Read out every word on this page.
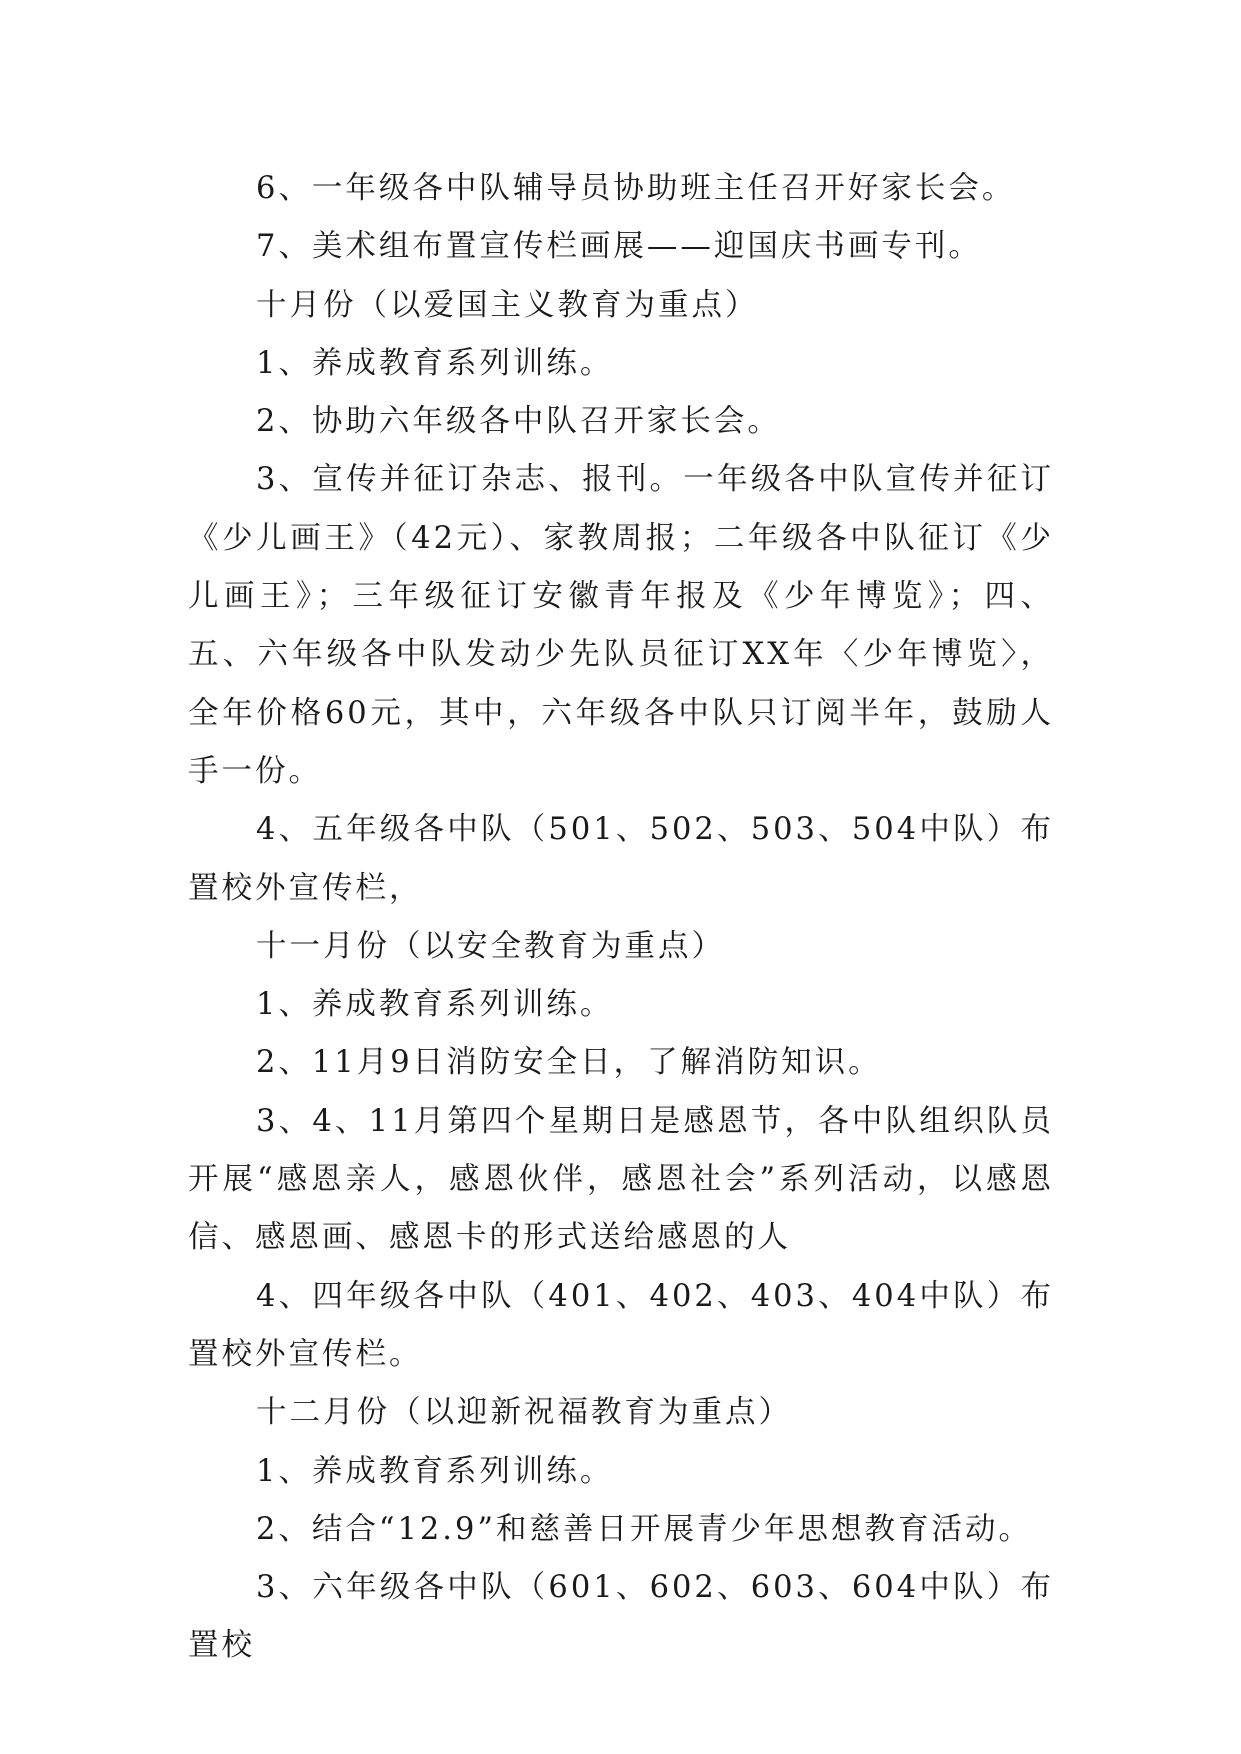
6、一年级各中队辅导员协助班主任召开好家长会。

7、美术组布置宣传栏画展——迎国庆书画专刊。

十月份（以爱国主义教育为重点）

1、养成教育系列训练。

2、协助六年级各中队召开家长会。

3、宣传并征订杂志、报刊。一年级各中队宣传并征订《少儿画王》（42元）、家教周报；二年级各中队征订《少儿画王》；三年级征订安徽青年报及《少年博览》；四、五、六年级各中队发动少先队员征订XX年〈少年博览〉，全年价格60元，其中，六年级各中队只订阅半年，鼓励人手一份。

4、五年级各中队（501、502、503、504中队）布置校外宣传栏，

十一月份（以安全教育为重点）

1、养成教育系列训练。

2、11月9日消防安全日，了解消防知识。

3、4、11月第四个星期日是感恩节，各中队组织队员开展“感恩亲人，感恩伙伴，感恩社会”系列活动，以感恩信、感恩画、感恩卡的形式送给感恩的人

4、四年级各中队（401、402、403、404中队）布置校外宣传栏。

十二月份（以迎新祝福教育为重点）

1、养成教育系列训练。

2、结合“12.9”和慈善日开展青少年思想教育活动。

3、六年级各中队（601、602、603、604中队）布置校
